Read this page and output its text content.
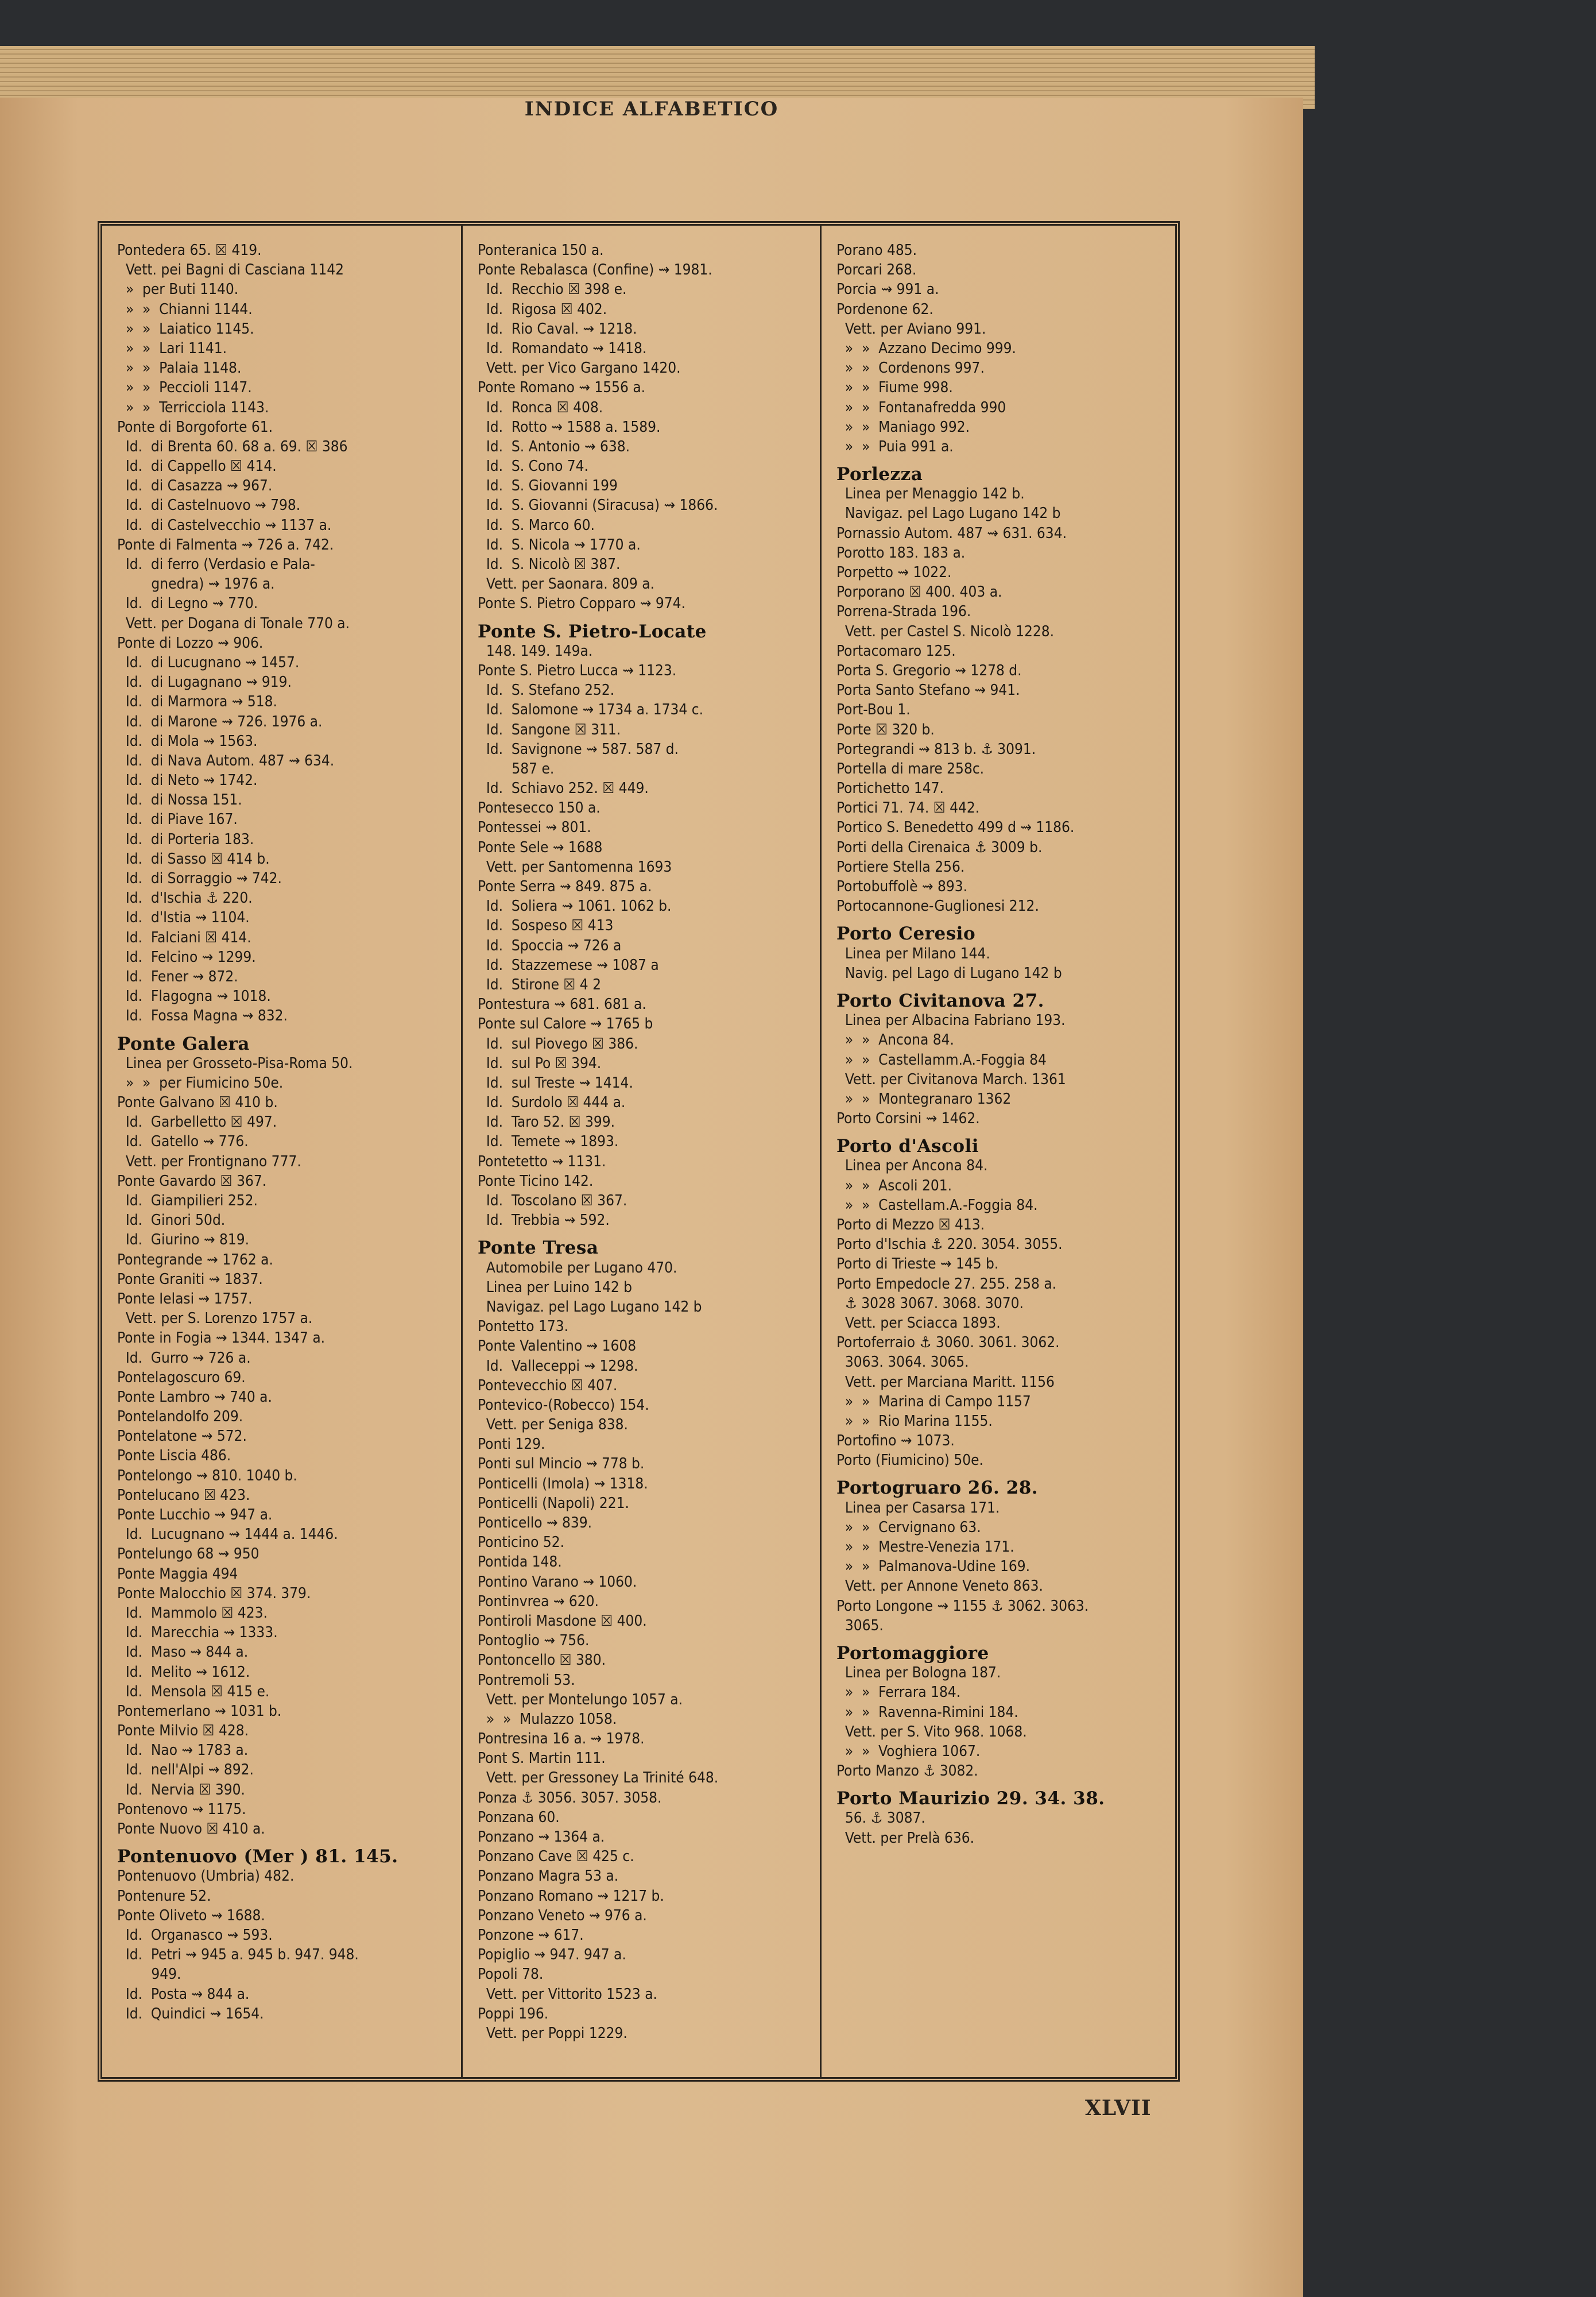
INDICE ALFABETICO
Pontedera 65. ☒ 419.
Vett. pei Bagni di Casciana 1142
»  per Buti 1140.
»  »  Chianni 1144.
»  »  Laiatico 1145.
»  »  Lari 1141.
»  »  Palaia 1148.
»  »  Peccioli 1147.
»  »  Terricciola 1143.
Ponte di Borgoforte 61.
Id.  di Brenta 60. 68 a. 69. ☒ 386
Id.  di Cappello ☒ 414.
Id.  di Casazza ⇝ 967.
Id.  di Castelnuovo ⇝ 798.
Id.  di Castelvecchio ⇝ 1137 a.
Ponte di Falmenta ⇝ 726 a. 742.
Id.  di ferro (Verdasio e Pala-
gnedra) ⇝ 1976 a.
Id.  di Legno ⇝ 770.
Vett. per Dogana di Tonale 770 a.
Ponte di Lozzo ⇝ 906.
Id.  di Lucugnano ⇝ 1457.
Id.  di Lugagnano ⇝ 919.
Id.  di Marmora ⇝ 518.
Id.  di Marone ⇝ 726. 1976 a.
Id.  di Mola ⇝ 1563.
Id.  di Nava Autom. 487 ⇝ 634.
Id.  di Neto ⇝ 1742.
Id.  di Nossa 151.
Id.  di Piave 167.
Id.  di Porteria 183.
Id.  di Sasso ☒ 414 b.
Id.  di Sorraggio ⇝ 742.
Id.  d'Ischia ⚓ 220.
Id.  d'Istia ⇝ 1104.
Id.  Falciani ☒ 414.
Id.  Felcino ⇝ 1299.
Id.  Fener ⇝ 872.
Id.  Flagogna ⇝ 1018.
Id.  Fossa Magna ⇝ 832.
Ponte Galera
Linea per Grosseto-Pisa-Roma 50.
»  »  per Fiumicino 50e.
Ponte Galvano ☒ 410 b.
Id.  Garbelletto ☒ 497.
Id.  Gatello ⇝ 776.
Vett. per Frontignano 777.
Ponte Gavardo ☒ 367.
Id.  Giampilieri 252.
Id.  Ginori 50d.
Id.  Giurino ⇝ 819.
Pontegrande ⇝ 1762 a.
Ponte Graniti ⇝ 1837.
Ponte Ielasi ⇝ 1757.
Vett. per S. Lorenzo 1757 a.
Ponte in Fogia ⇝ 1344. 1347 a.
Id.  Gurro ⇝ 726 a.
Pontelagoscuro 69.
Ponte Lambro ⇝ 740 a.
Pontelandolfo 209.
Pontelatone ⇝ 572.
Ponte Liscia 486.
Pontelongo ⇝ 810. 1040 b.
Pontelucano ☒ 423.
Ponte Lucchio ⇝ 947 a.
Id.  Lucugnano ⇝ 1444 a. 1446.
Pontelungo 68 ⇝ 950
Ponte Maggia 494
Ponte Malocchio ☒ 374. 379.
Id.  Mammolo ☒ 423.
Id.  Marecchia ⇝ 1333.
Id.  Maso ⇝ 844 a.
Id.  Melito ⇝ 1612.
Id.  Mensola ☒ 415 e.
Pontemerlano ⇝ 1031 b.
Ponte Milvio ☒ 428.
Id.  Nao ⇝ 1783 a.
Id.  nell'Alpi ⇝ 892.
Id.  Nervia ☒ 390.
Pontenovo ⇝ 1175.
Ponte Nuovo ☒ 410 a.
Pontenuovo (Mer ) 81. 145.
Pontenuovo (Umbria) 482.
Pontenure 52.
Ponte Oliveto ⇝ 1688.
Id.  Organasco ⇝ 593.
Id.  Petri ⇝ 945 a. 945 b. 947. 948.
949.
Id.  Posta ⇝ 844 a.
Id.  Quindici ⇝ 1654.
Ponteranica 150 a.
Ponte Rebalasca (Confine) ⇝ 1981.
Id.  Recchio ☒ 398 e.
Id.  Rigosa ☒ 402.
Id.  Rio Caval. ⇝ 1218.
Id.  Romandato ⇝ 1418.
Vett. per Vico Gargano 1420.
Ponte Romano ⇝ 1556 a.
Id.  Ronca ☒ 408.
Id.  Rotto ⇝ 1588 a. 1589.
Id.  S. Antonio ⇝ 638.
Id.  S. Cono 74.
Id.  S. Giovanni 199
Id.  S. Giovanni (Siracusa) ⇝ 1866.
Id.  S. Marco 60.
Id.  S. Nicola ⇝ 1770 a.
Id.  S. Nicolò ☒ 387.
Vett. per Saonara. 809 a.
Ponte S. Pietro Copparo ⇝ 974.
Ponte S. Pietro-Locate
148. 149. 149a.
Ponte S. Pietro Lucca ⇝ 1123.
Id.  S. Stefano 252.
Id.  Salomone ⇝ 1734 a. 1734 c.
Id.  Sangone ☒ 311.
Id.  Savignone ⇝ 587. 587 d.
587 e.
Id.  Schiavo 252. ☒ 449.
Pontesecco 150 a.
Pontessei ⇝ 801.
Ponte Sele ⇝ 1688
Vett. per Santomenna 1693
Ponte Serra ⇝ 849. 875 a.
Id.  Soliera ⇝ 1061. 1062 b.
Id.  Sospeso ☒ 413
Id.  Spoccia ⇝ 726 a
Id.  Stazzemese ⇝ 1087 a
Id.  Stirone ☒ 4 2
Pontestura ⇝ 681. 681 a.
Ponte sul Calore ⇝ 1765 b
Id.  sul Piovego ☒ 386.
Id.  sul Po ☒ 394.
Id.  sul Treste ⇝ 1414.
Id.  Surdolo ☒ 444 a.
Id.  Taro 52. ☒ 399.
Id.  Temete ⇝ 1893.
Pontetetto ⇝ 1131.
Ponte Ticino 142.
Id.  Toscolano ☒ 367.
Id.  Trebbia ⇝ 592.
Ponte Tresa
Automobile per Lugano 470.
Linea per Luino 142 b
Navigaz. pel Lago Lugano 142 b
Pontetto 173.
Ponte Valentino ⇝ 1608
Id.  Valleceppi ⇝ 1298.
Pontevecchio ☒ 407.
Pontevico-(Robecco) 154.
Vett. per Seniga 838.
Ponti 129.
Ponti sul Mincio ⇝ 778 b.
Ponticelli (Imola) ⇝ 1318.
Ponticelli (Napoli) 221.
Ponticello ⇝ 839.
Ponticino 52.
Pontida 148.
Pontino Varano ⇝ 1060.
Pontinvrea ⇝ 620.
Pontiroli Masdone ☒ 400.
Pontoglio ⇝ 756.
Pontoncello ☒ 380.
Pontremoli 53.
Vett. per Montelungo 1057 a.
»  »  Mulazzo 1058.
Pontresina 16 a. ⇝ 1978.
Pont S. Martin 111.
Vett. per Gressoney La Trinité 648.
Ponza ⚓ 3056. 3057. 3058.
Ponzana 60.
Ponzano ⇝ 1364 a.
Ponzano Cave ☒ 425 c.
Ponzano Magra 53 a.
Ponzano Romano ⇝ 1217 b.
Ponzano Veneto ⇝ 976 a.
Ponzone ⇝ 617.
Popiglio ⇝ 947. 947 a.
Popoli 78.
Vett. per Vittorito 1523 a.
Poppi 196.
Vett. per Poppi 1229.
Porano 485.
Porcari 268.
Porcia ⇝ 991 a.
Pordenone 62.
Vett. per Aviano 991.
»  »  Azzano Decimo 999.
»  »  Cordenons 997.
»  »  Fiume 998.
»  »  Fontanafredda 990
»  »  Maniago 992.
»  »  Puia 991 a.
Porlezza
Linea per Menaggio 142 b.
Navigaz. pel Lago Lugano 142 b
Pornassio Autom. 487 ⇝ 631. 634.
Porotto 183. 183 a.
Porpetto ⇝ 1022.
Porporano ☒ 400. 403 a.
Porrena-Strada 196.
Vett. per Castel S. Nicolò 1228.
Portacomaro 125.
Porta S. Gregorio ⇝ 1278 d.
Porta Santo Stefano ⇝ 941.
Port-Bou 1.
Porte ☒ 320 b.
Portegrandi ⇝ 813 b. ⚓ 3091.
Portella di mare 258c.
Portichetto 147.
Portici 71. 74. ☒ 442.
Portico S. Benedetto 499 d ⇝ 1186.
Porti della Cirenaica ⚓ 3009 b.
Portiere Stella 256.
Portobuffolè ⇝ 893.
Portocannone-Guglionesi 212.
Porto Ceresio
Linea per Milano 144.
Navig. pel Lago di Lugano 142 b
Porto Civitanova 27.
Linea per Albacina Fabriano 193.
»  »  Ancona 84.
»  »  Castellamm.A.-Foggia 84
Vett. per Civitanova March. 1361
»  »  Montegranaro 1362
Porto Corsini ⇝ 1462.
Porto d'Ascoli
Linea per Ancona 84.
»  »  Ascoli 201.
»  »  Castellam.A.-Foggia 84.
Porto di Mezzo ☒ 413.
Porto d'Ischia ⚓ 220. 3054. 3055.
Porto di Trieste ⇝ 145 b.
Porto Empedocle 27. 255. 258 a.
⚓ 3028 3067. 3068. 3070.
Vett. per Sciacca 1893.
Portoferraio ⚓ 3060. 3061. 3062.
3063. 3064. 3065.
Vett. per Marciana Maritt. 1156
»  »  Marina di Campo 1157
»  »  Rio Marina 1155.
Portofino ⇝ 1073.
Porto (Fiumicino) 50e.
Portogruaro 26. 28.
Linea per Casarsa 171.
»  »  Cervignano 63.
»  »  Mestre-Venezia 171.
»  »  Palmanova-Udine 169.
Vett. per Annone Veneto 863.
Porto Longone ⇝ 1155 ⚓ 3062. 3063.
3065.
Portomaggiore
Linea per Bologna 187.
»  »  Ferrara 184.
»  »  Ravenna-Rimini 184.
Vett. per S. Vito 968. 1068.
»  »  Voghiera 1067.
Porto Manzo ⚓ 3082.
Porto Maurizio 29. 34. 38.
56. ⚓ 3087.
Vett. per Prelà 636.
XLVII
